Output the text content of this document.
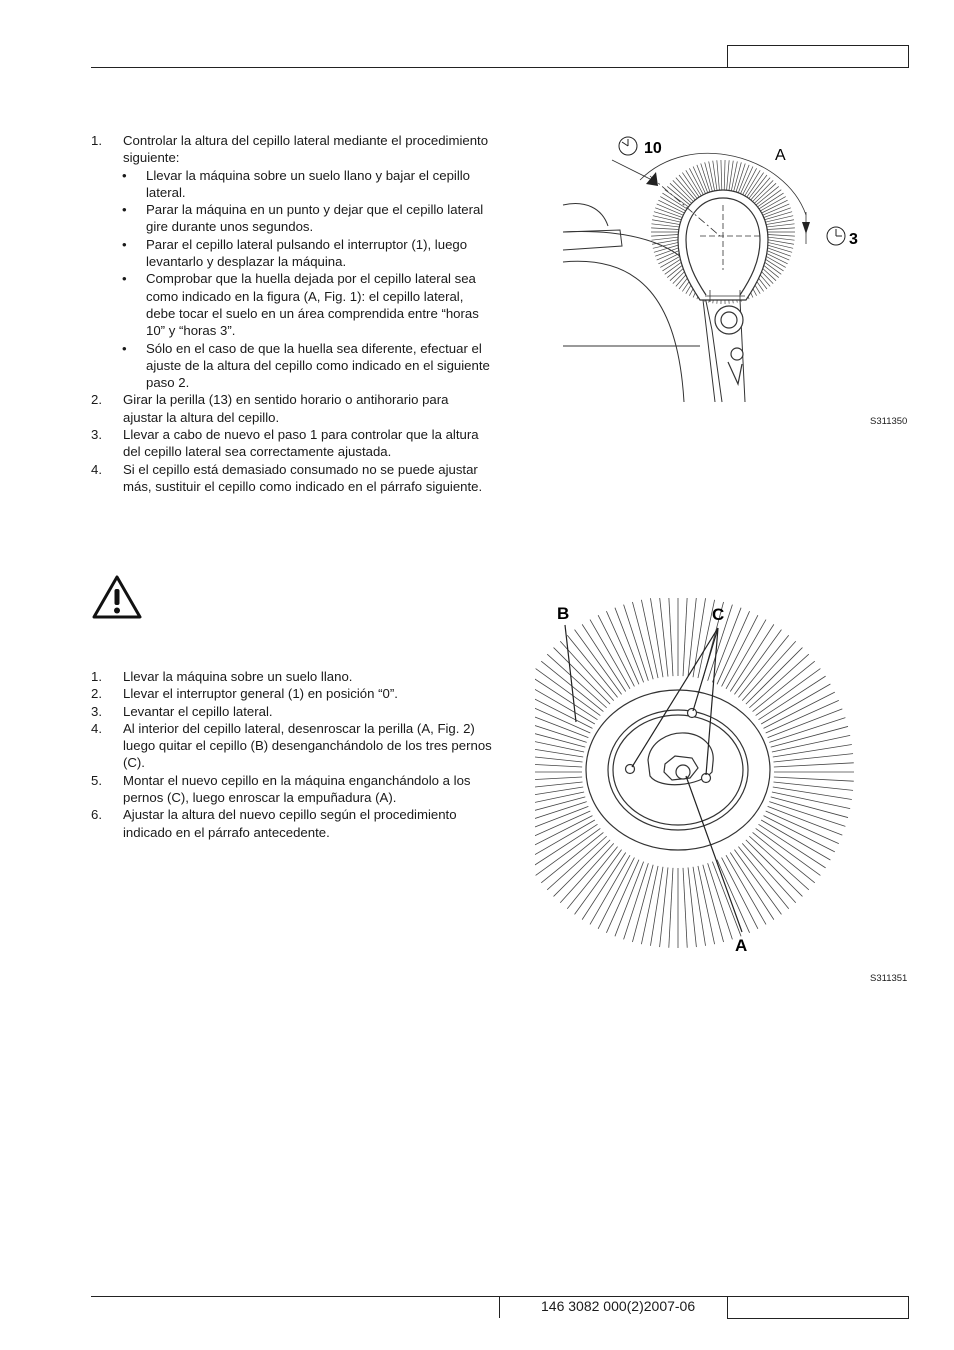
1. Controlar la altura del cepillo lateral mediante el procedimiento siguiente:
• Llevar la máquina sobre un suelo llano y bajar el cepillo lateral.
• Parar la máquina en un punto y dejar que el cepillo lateral gire durante unos segundos.
• Parar el cepillo lateral pulsando el interruptor (1), luego levantarlo y desplazar la máquina.
• Comprobar que la huella dejada por el cepillo lateral sea como indicado en la figura (A, Fig. 1): el cepillo lateral, debe tocar el suelo en un área comprendida entre “horas 10” y “horas 3”.
• Sólo en el caso de que la huella sea diferente, efectuar el ajuste de la altura del cepillo como indicado en el siguiente paso 2.
2. Girar la perilla (13) en sentido horario o antihorario para ajustar la altura del cepillo.
3. Llevar a cabo de nuevo el paso 1 para controlar que la altura del cepillo lateral sea correctamente ajustada.
4. Si el cepillo está demasiado consumado no se puede ajustar más, sustituir el cepillo como indicado en el párrafo siguiente.
10
3
A
S311350
1. Llevar la máquina sobre un suelo llano.
2. Llevar el interruptor general (1) en posición “0”.
3. Levantar el cepillo lateral.
4. Al interior del cepillo lateral, desenroscar la perilla (A, Fig. 2) luego quitar el cepillo (B) desenganchándolo de los tres pernos (C).
5. Montar el nuevo cepillo en la máquina enganchándolo a los pernos (C), luego enroscar la empuñadura (A).
6. Ajustar la altura del nuevo cepillo según el procedimiento indicado en el párrafo antecedente.
B	C
A
S311351
146 3082 000(2)2007-06
